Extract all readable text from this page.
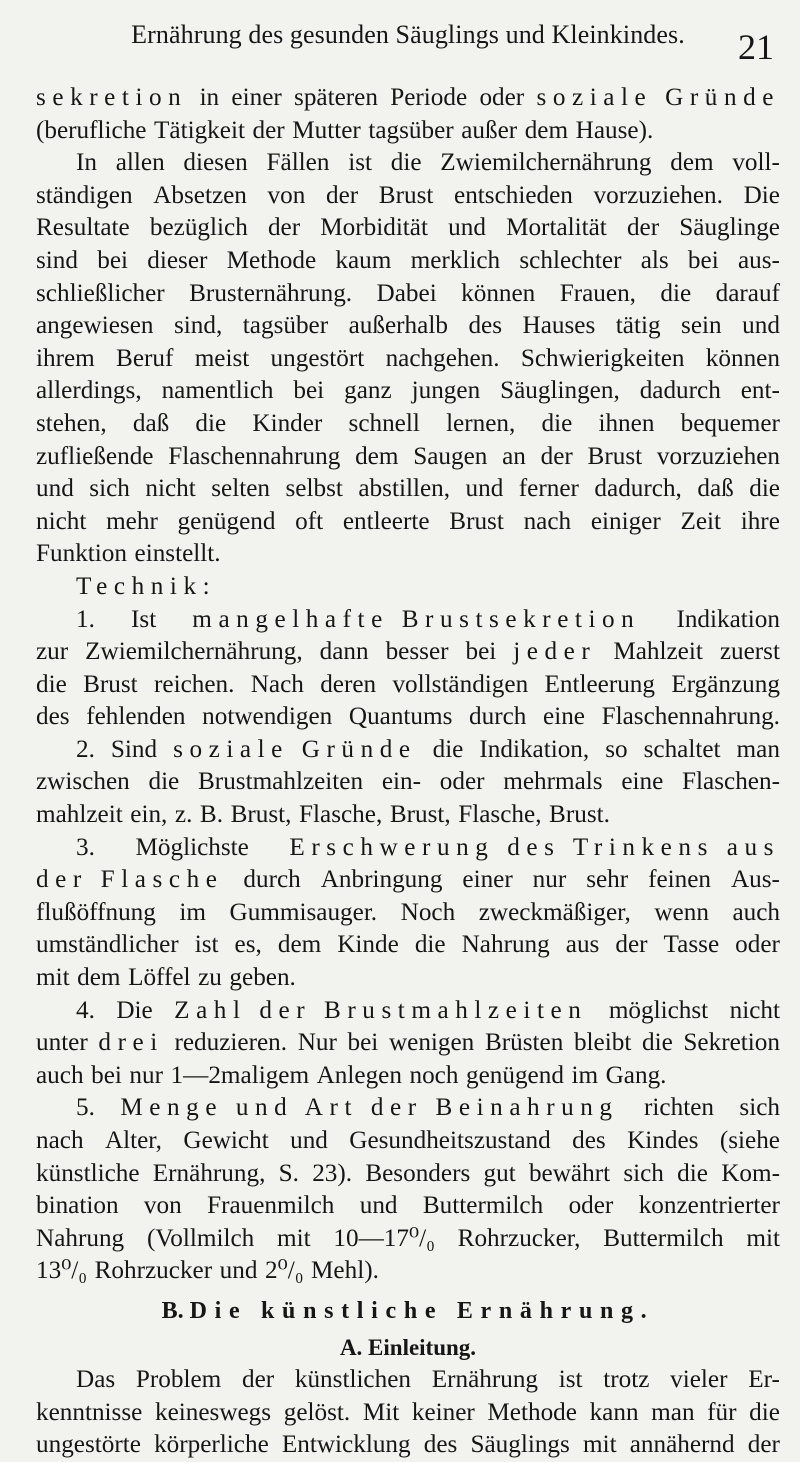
Ernährung des gesunden Säuglings und Kleinkindes. 21
sekretion in einer späteren Periode oder soziale Gründe
(berufliche Tätigkeit der Mutter tagsüber außer dem Hause).
In allen diesen Fällen ist die Zwiemilchernährung dem voll-
ständigen Absetzen von der Brust entschieden vorzuziehen. Die
Resultate bezüglich der Morbidität und Mortalität der Säuglinge
sind bei dieser Methode kaum merklich schlechter als bei aus-
schließlicher Brusternährung. Dabei können Frauen, die darauf
angewiesen sind, tagsüber außerhalb des Hauses tätig sein und
ihrem Beruf meist ungestört nachgehen. Schwierigkeiten können
allerdings, namentlich bei ganz jungen Säuglingen, dadurch ent-
stehen, daß die Kinder schnell lernen, die ihnen bequemer
zufließende Flaschennahrung dem Saugen an der Brust vorzuziehen
und sich nicht selten selbst abstillen, und ferner dadurch, daß die
nicht mehr genügend oft entleerte Brust nach einiger Zeit ihre
Funktion einstellt.
Technik:
1. Ist mangelhafte Brustsekretion Indikation
zur Zwiemilchernährung, dann besser bei jeder Mahlzeit zuerst
die Brust reichen. Nach deren vollständigen Entleerung Ergänzung
des fehlenden notwendigen Quantums durch eine Flaschennahrung.
2. Sind soziale Gründe die Indikation, so schaltet man
zwischen die Brustmahlzeiten ein- oder mehrmals eine Flaschen-
mahlzeit ein, z. B. Brust, Flasche, Brust, Flasche, Brust.
3. Möglichste Erschwerung des Trinkens aus
der Flasche durch Anbringung einer nur sehr feinen Aus-
flußöffnung im Gummisauger. Noch zweckmäßiger, wenn auch
umständlicher ist es, dem Kinde die Nahrung aus der Tasse oder
mit dem Löffel zu geben.
4. Die Zahl der Brustmahlzeiten möglichst nicht
unter drei reduzieren. Nur bei wenigen Brüsten bleibt die Sekretion
auch bei nur 1—2maligem Anlegen noch genügend im Gang.
5. Menge und Art der Beinahrung richten sich
nach Alter, Gewicht und Gesundheitszustand des Kindes (siehe
künstliche Ernährung, S. 23). Besonders gut bewährt sich die Kom-
bination von Frauenmilch und Buttermilch oder konzentrierter
Nahrung (Vollmilch mit 10—17⁰/₀ Rohrzucker, Buttermilch mit
13⁰/₀ Rohrzucker und 2⁰/₀ Mehl).
B. Die künstliche Ernährung.
A. Einleitung.
Das Problem der künstlichen Ernährung ist trotz vieler Er-
kenntnisse keineswegs gelöst. Mit keiner Methode kann man für die
ungestörte körperliche Entwicklung des Säuglings mit annähernd der
